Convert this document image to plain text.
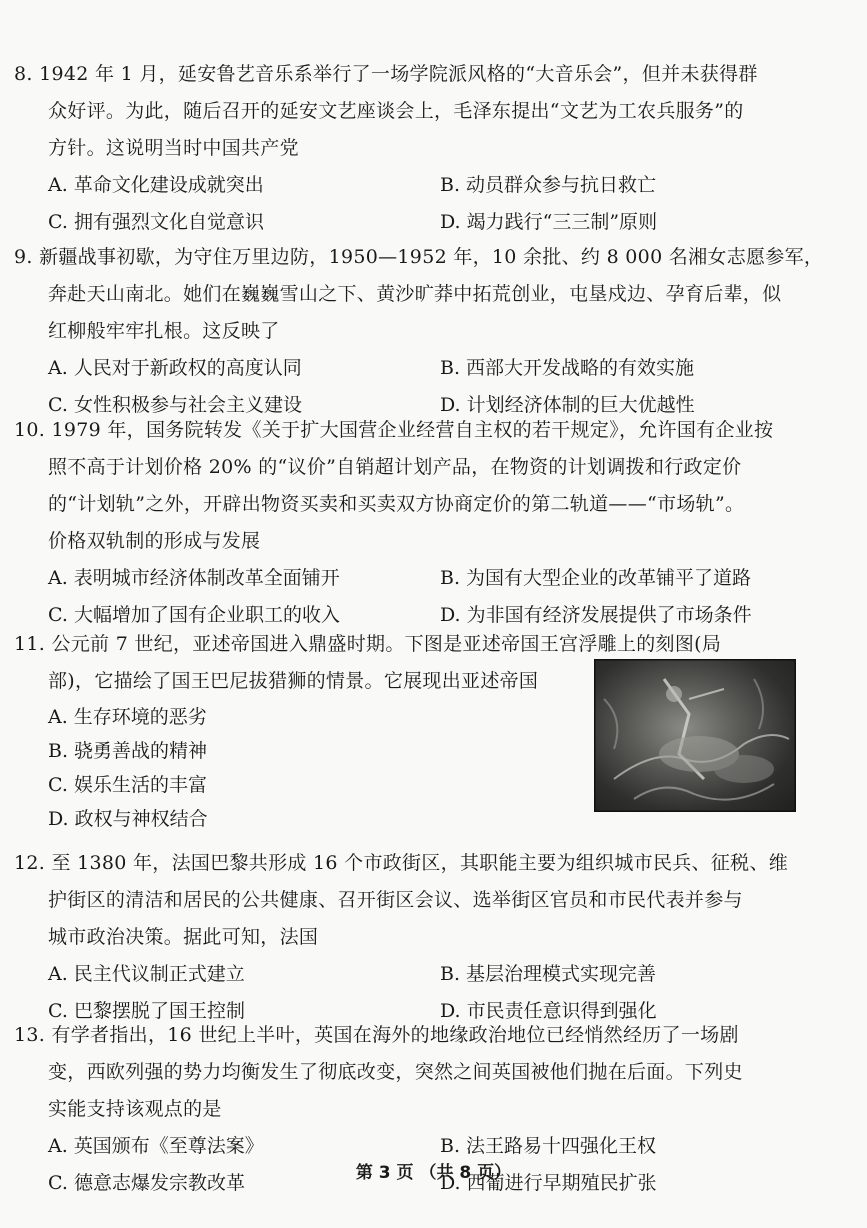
8. 1942 年 1 月，延安鲁艺音乐系举行了一场学院派风格的“大音乐会”，但并未获得群
众好评。为此，随后召开的延安文艺座谈会上，毛泽东提出“文艺为工农兵服务”的
方针。这说明当时中国共产党
A. 革命文化建设成就突出	B. 动员群众参与抗日救亡
C. 拥有强烈文化自觉意识	D. 竭力践行“三三制”原则
9. 新疆战事初歇，为守住万里边防，1950—1952 年，10 余批、约 8 000 名湘女志愿参军，
奔赴天山南北。她们在巍巍雪山之下、黄沙旷莽中拓荒创业，屯垦戍边、孕育后辈，似
红柳般牢牢扎根。这反映了
A. 人民对于新政权的高度认同	B. 西部大开发战略的有效实施
C. 女性积极参与社会主义建设	D. 计划经济体制的巨大优越性
10. 1979 年，国务院转发《关于扩大国营企业经营自主权的若干规定》，允许国有企业按
照不高于计划价格 20% 的“议价”自销超计划产品，在物资的计划调拨和行政定价
的“计划轨”之外，开辟出物资买卖和买卖双方协商定价的第二轨道——“市场轨”。
价格双轨制的形成与发展
A. 表明城市经济体制改革全面铺开	B. 为国有大型企业的改革铺平了道路
C. 大幅增加了国有企业职工的收入	D. 为非国有经济发展提供了市场条件
11. 公元前 7 世纪，亚述帝国进入鼎盛时期。下图是亚述帝国王宫浮雕上的刻图(局
部)，它描绘了国王巴尼拔猎狮的情景。它展现出亚述帝国
A. 生存环境的恶劣
B. 骁勇善战的精神
C. 娱乐生活的丰富
D. 政权与神权结合
12. 至 1380 年，法国巴黎共形成 16 个市政街区，其职能主要为组织城市民兵、征税、维
护街区的清洁和居民的公共健康、召开街区会议、选举街区官员和市民代表并参与
城市政治决策。据此可知，法国
A. 民主代议制正式建立	B. 基层治理模式实现完善
C. 巴黎摆脱了国王控制	D. 市民责任意识得到强化
13. 有学者指出，16 世纪上半叶，英国在海外的地缘政治地位已经悄然经历了一场剧
变，西欧列强的势力均衡发生了彻底改变，突然之间英国被他们抛在后面。下列史
实能支持该观点的是
A. 英国颁布《至尊法案》	B. 法王路易十四强化王权
C. 德意志爆发宗教改革	D. 西葡进行早期殖民扩张
第 3 页 （共 8 页）
